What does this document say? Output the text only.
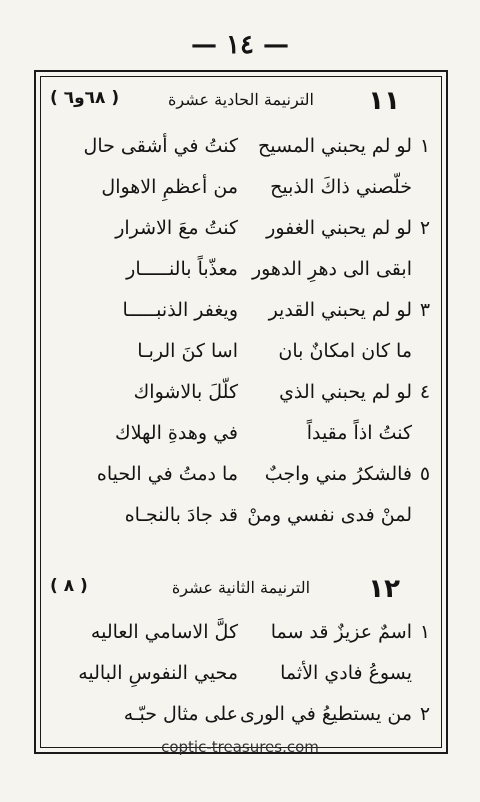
— ١٤ —
١١
الترنيمة الحادية عشرة
( ٦٨و٦ )
١
لو لم يحبني المسيح
كنتُ في أشقى حال
خلّصني ذاكَ الذبيح
من أعظمِ الاهوال
٢
لو لم يحبني الغفور
كنتُ معَ الاشرار
ابقى الى دهرِ الدهور
معذّباً بالنـــــار
٣
لو لم يحبني القدير
ويغفر الذنبـــــا
ما كان امكانٌ بان
اسا كنَ الربـا
٤
لو لم يحبني الذي
كلّلَ بالاشواك
كنتُ اذاً مقيداً
في وهدةِ الهلاك
٥
فالشكرُ مني واجبٌ
ما دمتُ في الحياه
لمنْ فدى نفسي ومنْ
قد جادَ بالنجـاه
١٢
الترنيمة الثانية عشرة
( ٨ )
١
اسمٌ عزيزٌ قد سما
كلَّ الاسامي العاليه
يسوعُ فادي الأثما
محيي النفوسِ الباليه
٢
من يستطيعُ في الورى
على مثال حبّـه
coptic-treasures.com
